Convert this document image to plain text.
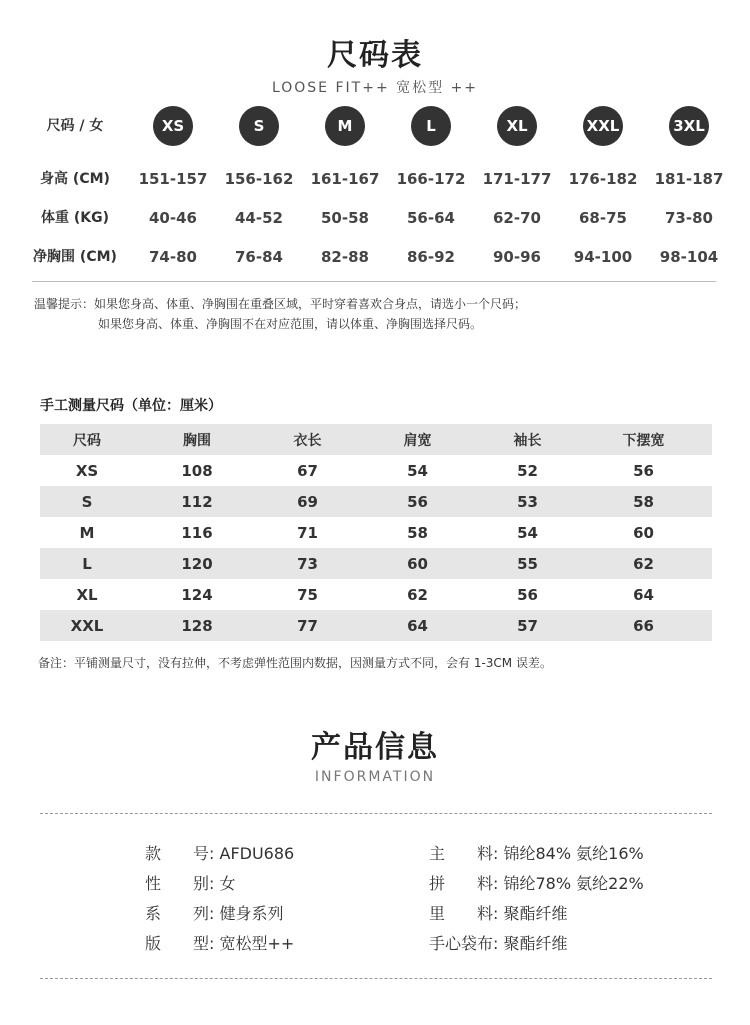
尺码表
LOOSE FIT++ 宽松型 ++
尺码 / 女	XS	S	M	L	XL	XXL	3XL
身高 (CM)	151-157	156-162	161-167	166-172	171-177	176-182	181-187
体重 (KG)	40-46	44-52	50-58	56-64	62-70	68-75	73-80
净胸围 (CM)	74-80	76-84	82-88	86-92	90-96	94-100	98-104
温馨提示：如果您身高、体重、净胸围在重叠区域，平时穿着喜欢合身点，请选小一个尺码；
如果您身高、体重、净胸围不在对应范围，请以体重、净胸围选择尺码。
手工测量尺码（单位：厘米）
尺码	胸围	衣长	肩宽	袖长	下摆宽
XS	108	67	54	52	56
S	112	69	56	53	58
M	116	71	58	54	60
L	120	73	60	55	62
XL	124	75	62	56	64
XXL	128	77	64	57	66
备注：平铺测量尺寸，没有拉伸，不考虑弹性范围内数据，因测量方式不同，会有 1-3CM 误差。
产品信息
INFORMATION
款　　号: AFDU686
性　　别: 女
系　　列: 健身系列
版　　型: 宽松型++
主　　料: 锦纶84% 氨纶16%
拼　　料: 锦纶78% 氨纶22%
里　　料: 聚酯纤维
手心袋布: 聚酯纤维
